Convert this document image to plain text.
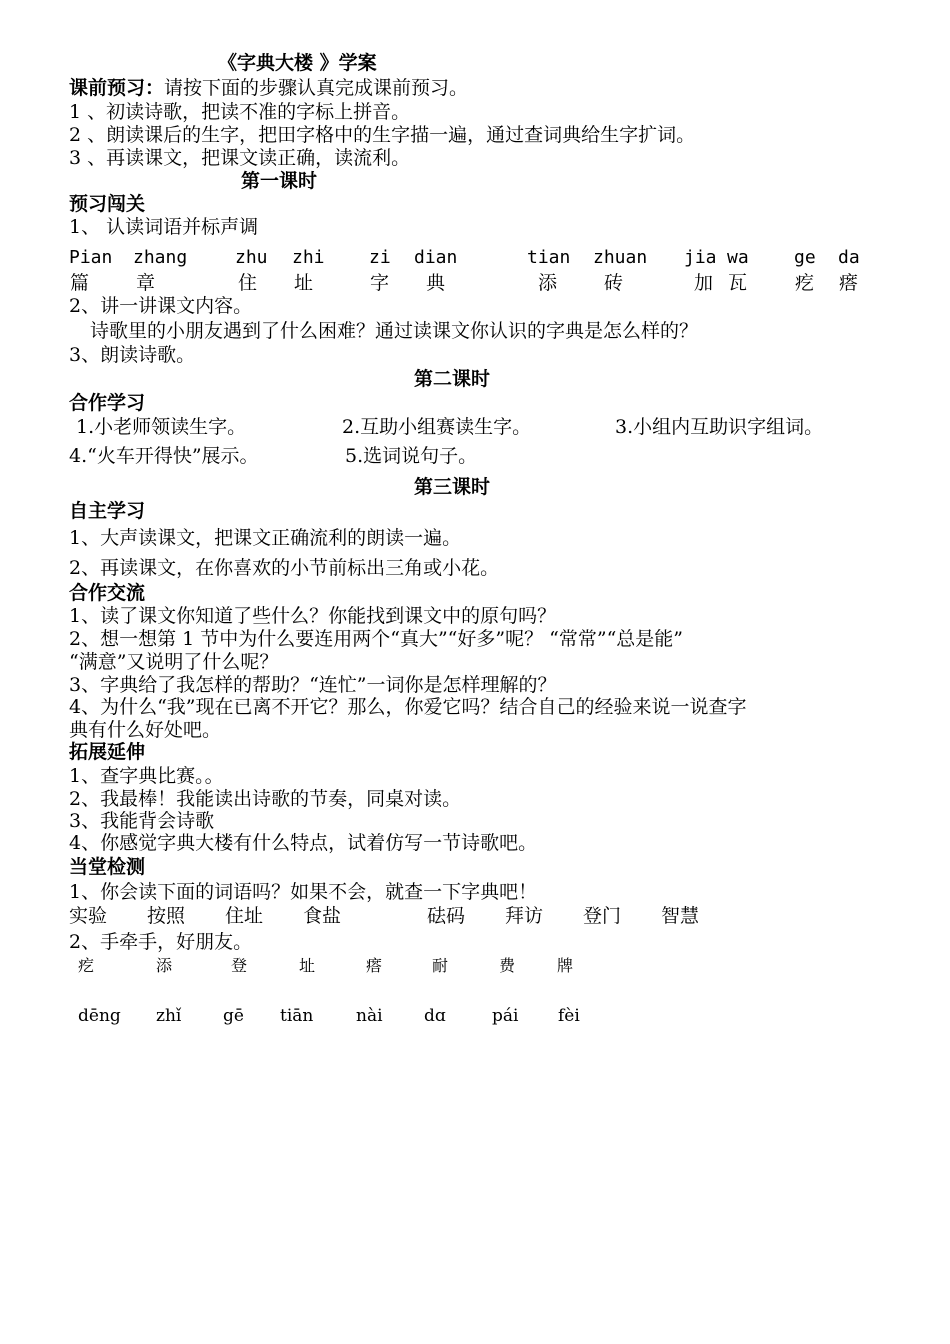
《字典大楼 》学案
课前预习：请按下面的步骤认真完成课前预习。
1 、初读诗歌，把读不准的字标上拼音。
2 、朗读课后的生字，把田字格中的生字描一遍，通过查词典给生字扩词。
3 、再读课文，把课文读正确，读流利。
第一课时
预习闯关
1、 认读词语并标声调
Pian zhang	zhu zhi zi dian	tian zhuan jia wa	ge da
篇 章	住 址	字 典	添 砖	加 瓦	疙 瘩
2、讲一讲课文内容。
诗歌里的小朋友遇到了什么困难？通过读课文你认识的字典是怎么样的？
3、朗读诗歌。
第二课时
合作学习
1.小老师领读生字。	2.互助小组赛读生字。	3.小组内互助识字组词。
4.“火车开得快”展示。	5.选词说句子。
第三课时
自主学习
1、大声读课文，把课文正确流利的朗读一遍。
2、再读课文，在你喜欢的小节前标出三角或小花。
合作交流
1、读了课文你知道了些什么？你能找到课文中的原句吗？
2、想一想第 1 节中为什么要连用两个“真大”“好多”呢？ “常常”“总是能”
“满意”又说明了什么呢？
3、字典给了我怎样的帮助？“连忙”一词你是怎样理解的？
4、为什么“我”现在已离不开它？那么，你爱它吗？结合自己的经验来说一说查字
典有什么好处吧。
拓展延伸
1、查字典比赛。。
2、我最棒！我能读出诗歌的节奏，同桌对读。
3、我能背会诗歌
4、你感觉字典大楼有什么特点，试着仿写一节诗歌吧。
当堂检测
1、你会读下面的词语吗？如果不会，就查一下字典吧！
实验 按照 住址 食盐	砝码 拜访 登门 智慧
2、手牵手，好朋友。
疙	添	登	址	瘩	耐	费	牌
dēng zhǐ gē tiān	nài dɑ	pái fèi
